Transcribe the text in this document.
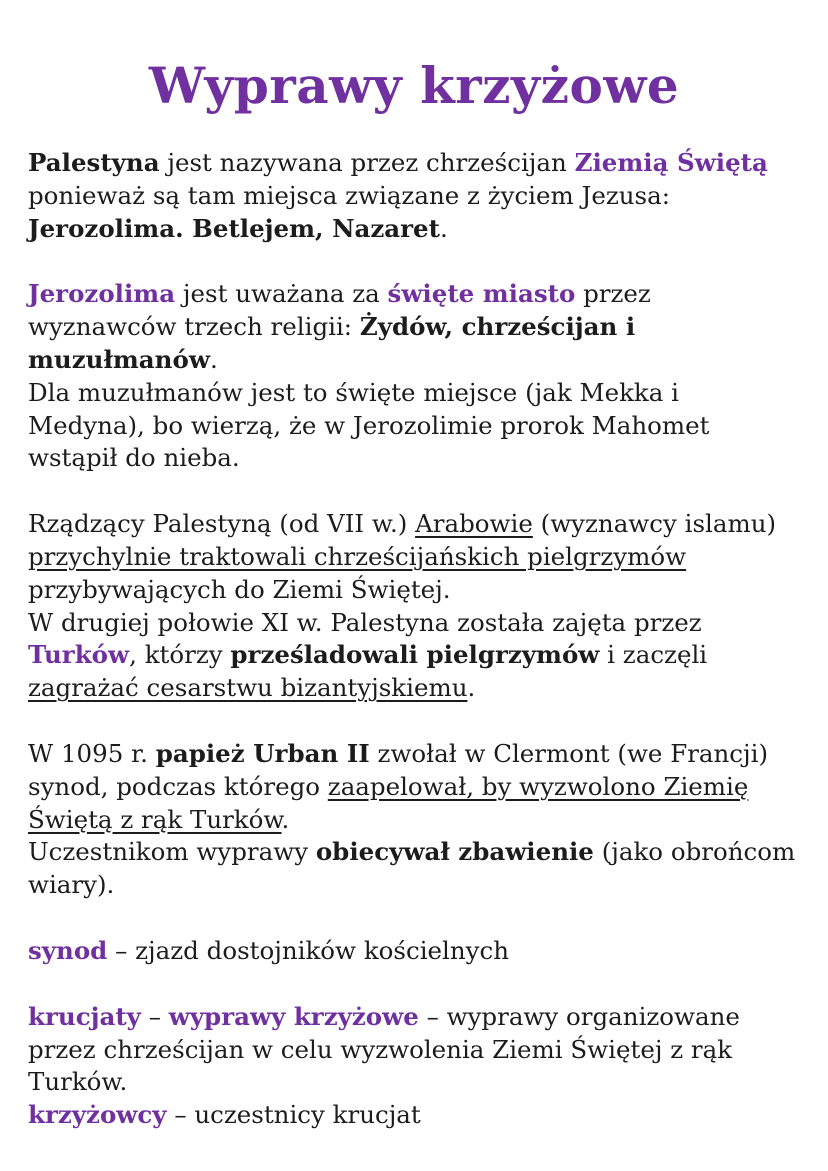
Wyprawy krzyżowe

Palestyna jest nazywana przez chrześcijan Ziemią Świętą ponieważ są tam miejsca związane z życiem Jezusa: Jerozolima. Betlejem, Nazaret.

Jerozolima jest uważana za święte miasto przez wyznawców trzech religii: Żydów, chrześcijan i muzułmanów.
Dla muzułmanów jest to święte miejsce (jak Mekka i Medyna), bo wierzą, że w Jerozolimie prorok Mahomet wstąpił do nieba.

Rządzący Palestyną (od VII w.) Arabowie (wyznawcy islamu) przychylnie traktowali chrześcijańskich pielgrzymów przybywających do Ziemi Świętej.
W drugiej połowie XI w. Palestyna została zajęta przez Turków, którzy prześladowali pielgrzymów i zaczęli zagrażać cesarstwu bizantyjskiemu.

W 1095 r. papież Urban II zwołał w Clermont (we Francji) synod, podczas którego zaapelował, by wyzwolono Ziemię Świętą z rąk Turków.
Uczestnikom wyprawy obiecywał zbawienie (jako obrońcom wiary).

synod – zjazd dostojników kościelnych

krucjaty – wyprawy krzyżowe – wyprawy organizowane przez chrześcijan w celu wyzwolenia Ziemi Świętej z rąk Turków.

krzyżowcy – uczestnicy krucjat
